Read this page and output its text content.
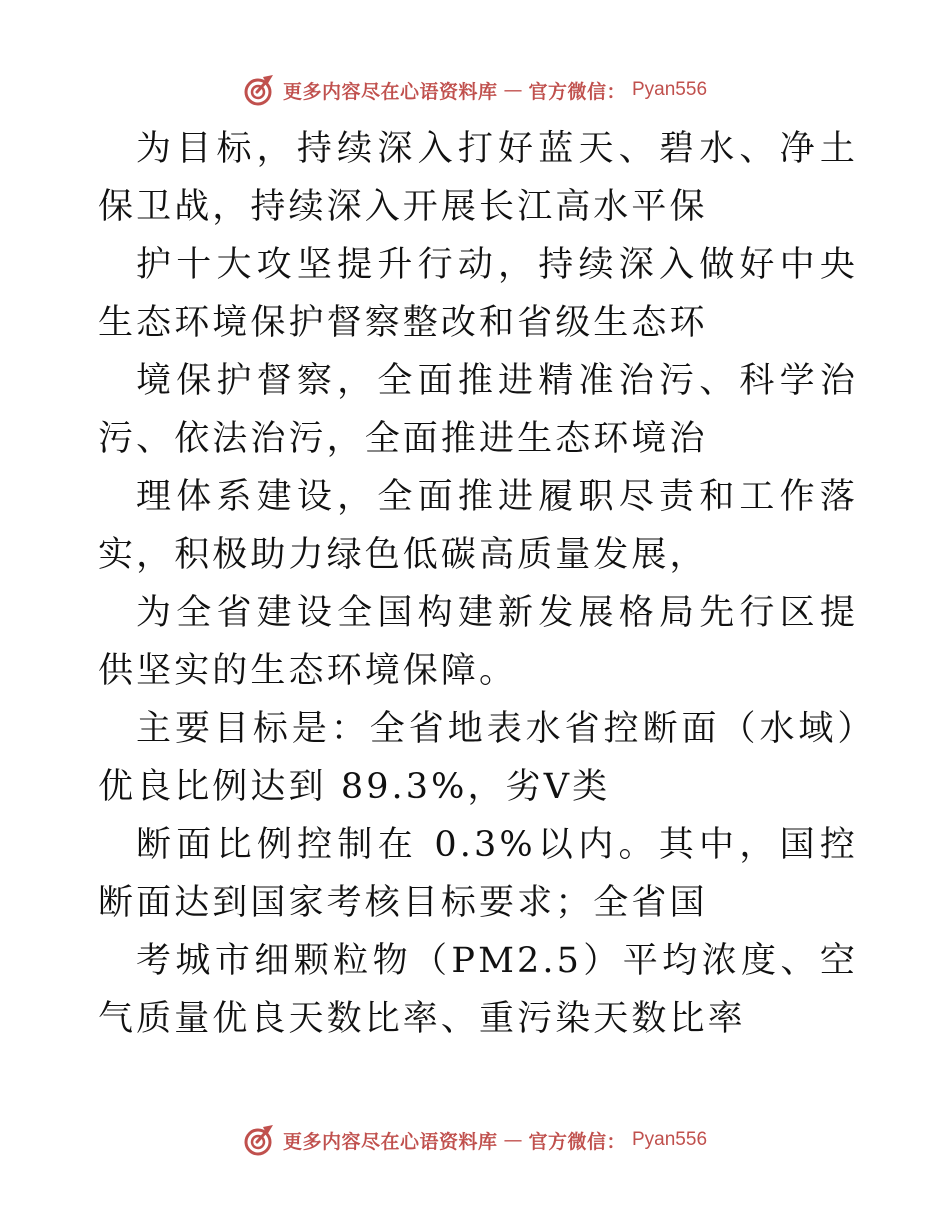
更多内容尽在心语资料库 — 官方微信： Pyan556

为目标，持续深入打好蓝天、碧水、净土保卫战，持续深入开展长江高水平保

护十大攻坚提升行动，持续深入做好中央生态环境保护督察整改和省级生态环

境保护督察，全面推进精准治污、科学治污、依法治污，全面推进生态环境治

理体系建设，全面推进履职尽责和工作落实，积极助力绿色低碳高质量发展，

为全省建设全国构建新发展格局先行区提供坚实的生态环境保障。

主要目标是：全省地表水省控断面（水域）优良比例达到 89.3%，劣Ⅴ类

断面比例控制在 0.3%以内。其中，国控断面达到国家考核目标要求；全省国

考城市细颗粒物（PM2.5）平均浓度、空气质量优良天数比率、重污染天数比率

更多内容尽在心语资料库 — 官方微信： Pyan556
